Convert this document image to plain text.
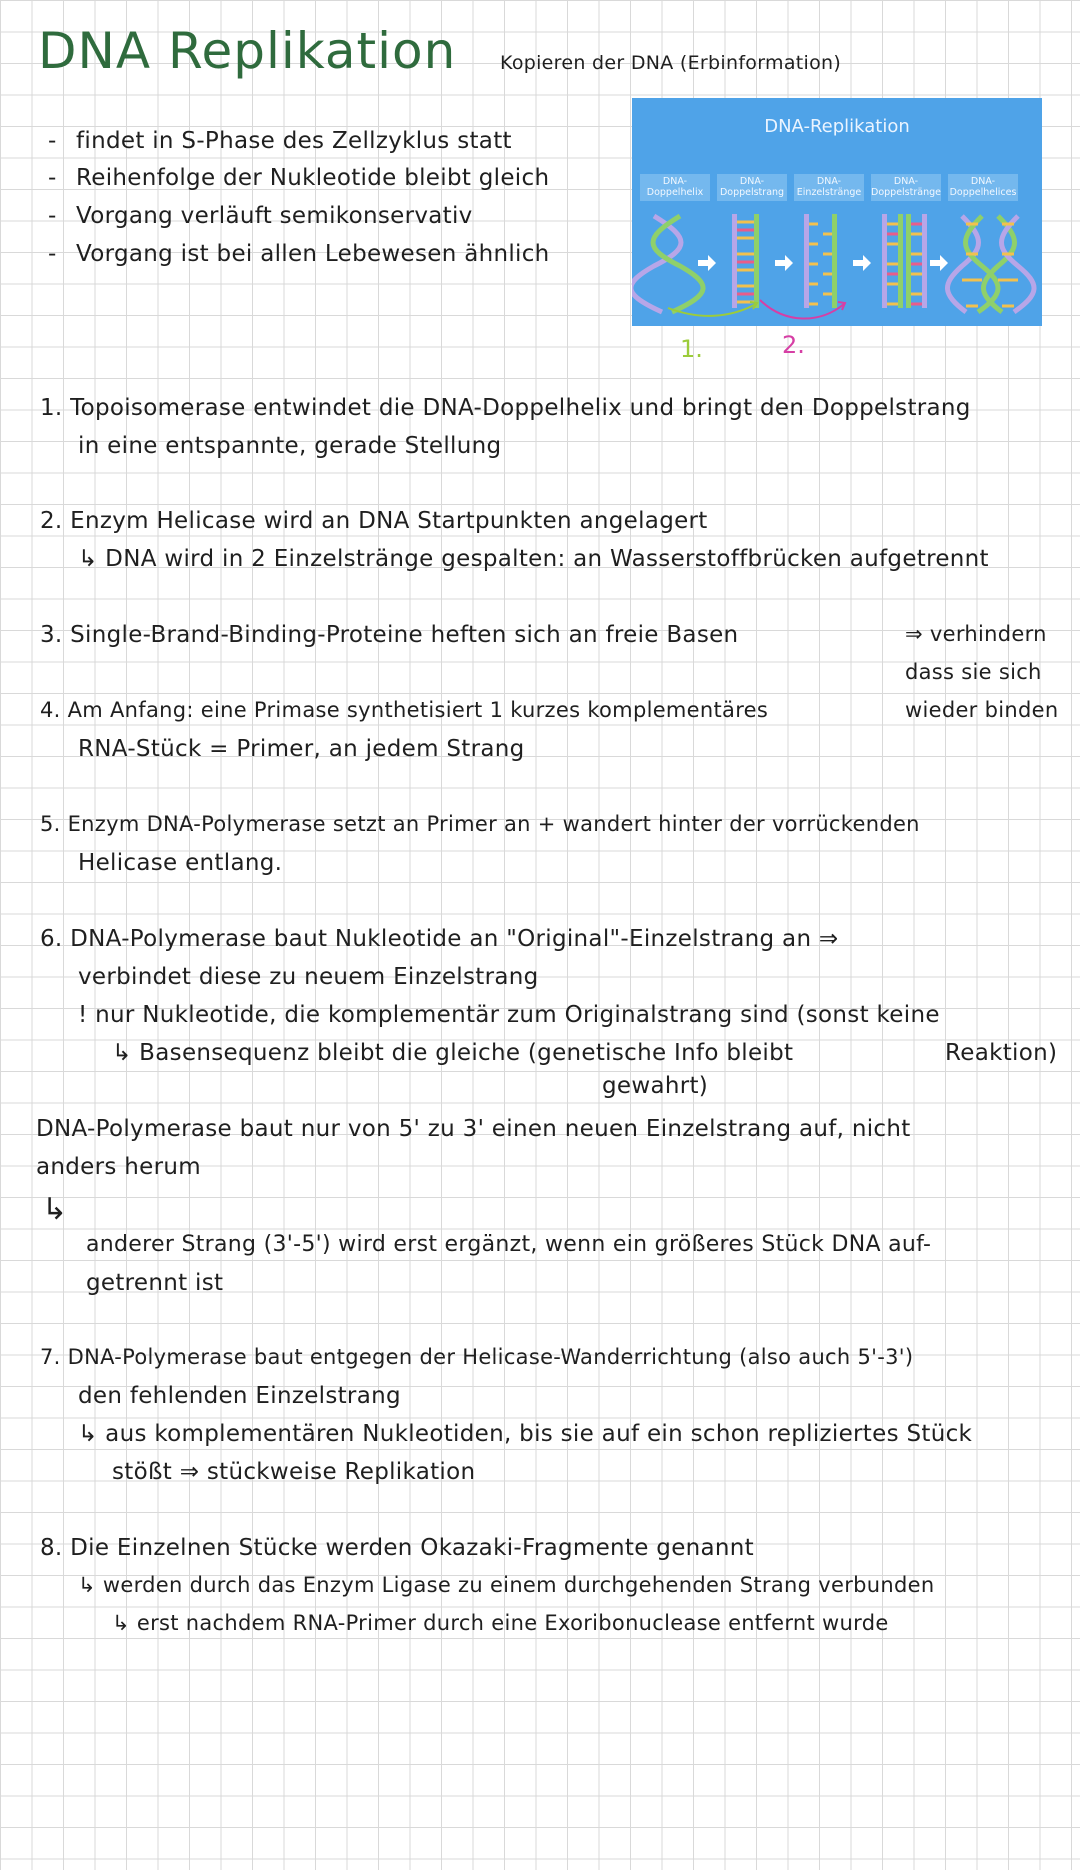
DNA Replikation Kopieren der DNA (Erbinformation)
- findet in S-Phase des Zellzyklus statt
- Reihenfolge der Nukleotide bleibt gleich
- Vorgang verläuft semikonservativ
- Vorgang ist bei allen Lebewesen ähnlich
DNA-Replikation
DNA-
Doppelhelix
DNA-
Doppelstrang
DNA-
Einzelstränge
DNA-
Doppelstränge
DNA-
Doppelhelices
1.	2.
1. Topoisomerase entwindet die DNA-Doppelhelix und bringt den Doppelstrang
in eine entspannte, gerade Stellung
2. Enzym Helicase wird an DNA Startpunkten angelagert
↳ DNA wird in 2 Einzelstränge gespalten: an Wasserstoffbrücken aufgetrennt
3. Single-Brand-Binding-Proteine heften sich an freie Basen	⇒ verhindern
dass sie sich
wieder binden
4. Am Anfang: eine Primase synthetisiert 1 kurzes komplementäres
RNA-Stück = Primer, an jedem Strang
5. Enzym DNA-Polymerase setzt an Primer an + wandert hinter der vorrückenden
Helicase entlang.
6. DNA-Polymerase baut Nukleotide an "Original"-Einzelstrang an ⇒
verbindet diese zu neuem Einzelstrang
! nur Nukleotide, die komplementär zum Originalstrang sind (sonst keine
↳ Basensequenz bleibt die gleiche (genetische Info bleibt	Reaktion)
gewahrt)
DNA-Polymerase baut nur von 5' zu 3' einen neuen Einzelstrang auf, nicht
anders herum
↳
anderer Strang (3'-5') wird erst ergänzt, wenn ein größeres Stück DNA auf-
getrennt ist
7. DNA-Polymerase baut entgegen der Helicase-Wanderrichtung (also auch 5'-3')
den fehlenden Einzelstrang
↳ aus komplementären Nukleotiden, bis sie auf ein schon repliziertes Stück
stößt ⇒ stückweise Replikation
8. Die Einzelnen Stücke werden Okazaki-Fragmente genannt
↳ werden durch das Enzym Ligase zu einem durchgehenden Strang verbunden
↳ erst nachdem RNA-Primer durch eine Exoribonuclease entfernt wurde
